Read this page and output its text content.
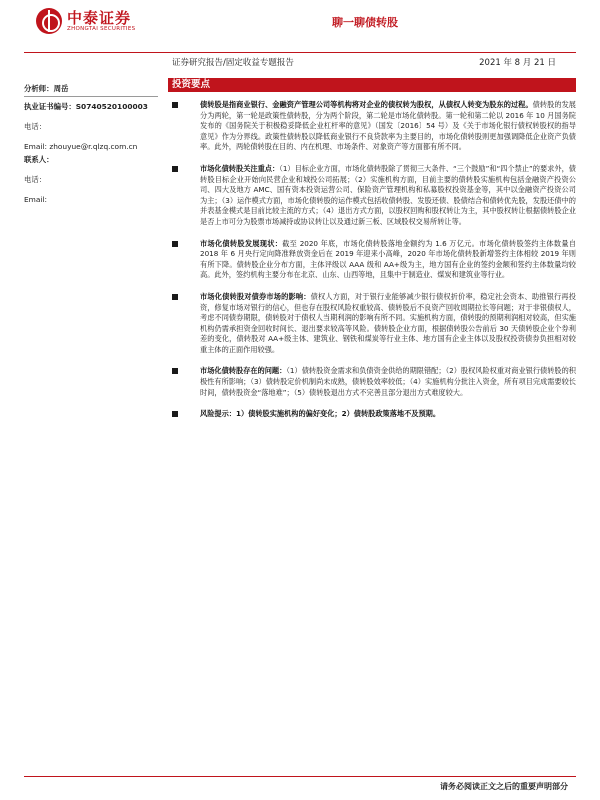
中泰证券
ZHONGTAI SECURITIES	聊一聊债转股
证券研究报告/固定收益专题报告	2021 年 8 月 21 日
分析师：周岳
执业证书编号：S0740520100003
电话：
Email: zhouyue@r.qlzq.com.cn
联系人：
电话：
Email:
投资要点
债转股是指商业银行、金融资产管理公司等机构将对企业的债权转为股权，从债权人转变为股东的过程。债转股的发展分为两轮，第一轮是政策性债转股，分为两个阶段，第二轮是市场化债转股。第一轮和第二轮以 2016 年 10 月国务院发布的《国务院关于积极稳妥降低企业杠杆率的意见》（国发〔2016〕54 号）及《关于市场化银行债权转股权的指导意见》作为分界线。政策性债转股以降低商业银行不良贷款率为主要目的，市场化债转股则更加强调降低企业资产负债率。此外，两轮债转股在目的、内在机理、市场条件、对象资产等方面都有所不同。
市场化债转股关注重点：（1）目标企业方面，市场化债转股除了贯彻三大条件、“三个鼓励”和“四个禁止”的要求外，债转股目标企业开始向民营企业和城投公司拓展；（2）实施机构方面，目前主要的债转股实施机构包括金融资产投资公司、四大及地方 AMC、国有资本投资运营公司、保险资产管理机构和私募股权投资基金等，其中以金融资产投资公司为主；（3）运作模式方面，市场化债转股的运作模式包括收债转股、发股还债、股债结合和债转优先股，发股还债中的并表基金模式是目前比较主流的方式；（4）退出方式方面，以股权回购和股权转让为主，其中股权转让根据债转股企业是否上市可分为股票市场减持或协议转让以及通过新三板、区域股权交易所转让等。
市场化债转股发展现状：截至 2020 年底，市场化债转股落地金额约为 1.6 万亿元。市场化债转股签约主体数量自 2018 年 6 月央行定向降准释放资金后在 2019 年迎来小高峰，2020 年市场化债转股新增签约主体相较 2019 年则有所下降。债转股企业分布方面，主体评级以 AAA 级和 AA+级为主，地方国有企业的签约金额和签约主体数量均较高。此外，签约机构主要分布在北京、山东、山西等地，且集中于制造业、煤炭和建筑业等行业。
市场化债转股对债券市场的影响：债权人方面，对于银行业能够减少银行债权折价率，稳定社会资本、助推银行再投资，修复市场对银行的信心，但也存在股权风险权重较高、债转股后不良资产回收周期拉长等问题；对于非银债权人，考虑不同债券期限，债转股对于债权人当期利润的影响有所不同。实施机构方面，债转股的预期利润相对较高，但实施机构仍需承担资金回收时间长、退出要求较高等风险。债转股企业方面，根据债转股公告前后 30 天债转股企业个券利差的变化，债转股对 AA+级主体、建筑业、钢铁和煤炭等行业主体、地方国有企业主体以及股权投资债券负担相对较重主体的正面作用较强。
市场化债转股存在的问题：（1）债转股资金需求和负债资金供给的期限错配；（2）股权风险权重对商业银行债转股的积极性有所影响；（3）债转股定价机制尚未成熟，债转股效率较低；（4）实施机构分批注入资金，所有项目完成需要较长时间，债转股资金“落地难”；（5）债转股退出方式不完善且部分退出方式难度较大。
风险提示：1）债转股实施机构的偏好变化；2）债转股政策落地不及预期。
请务必阅读正文之后的重要声明部分
